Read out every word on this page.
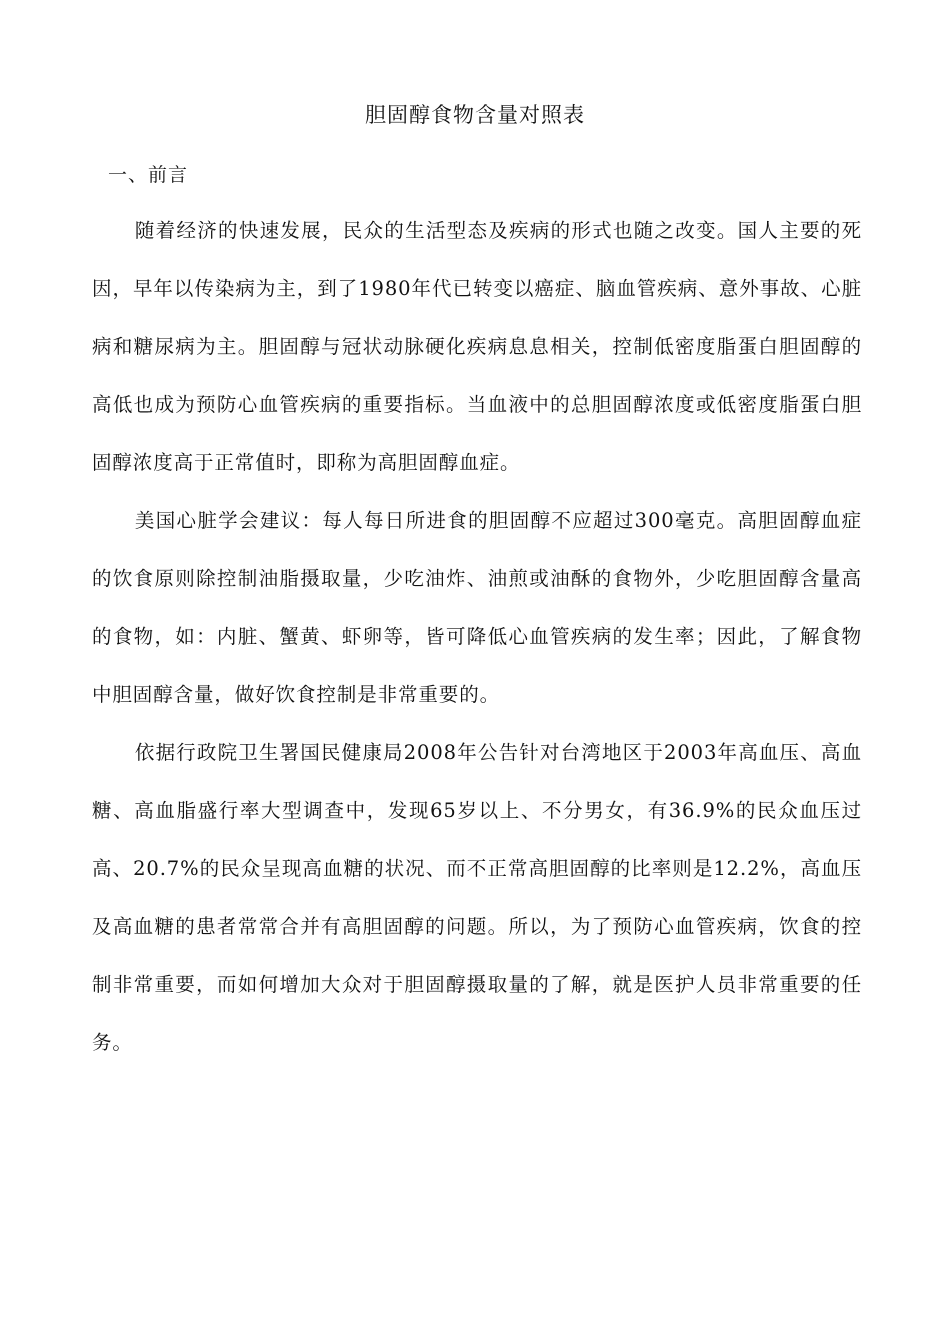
胆固醇食物含量对照表
一、前言

随着经济的快速发展，民众的生活型态及疾病的形式也随之改变。国人主要的死因，早年以传染病为主，到了1980年代已转变以癌症、脑血管疾病、意外事故、心脏病和糖尿病为主。胆固醇与冠状动脉硬化疾病息息相关，控制低密度脂蛋白胆固醇的高低也成为预防心血管疾病的重要指标。当血液中的总胆固醇浓度或低密度脂蛋白胆固醇浓度高于正常值时，即称为高胆固醇血症。

美国心脏学会建议：每人每日所进食的胆固醇不应超过300毫克。高胆固醇血症的饮食原则除控制油脂摄取量，少吃油炸、油煎或油酥的食物外，少吃胆固醇含量高的食物，如：内脏、蟹黄、虾卵等，皆可降低心血管疾病的发生率；因此，了解食物中胆固醇含量，做好饮食控制是非常重要的。

依据行政院卫生署国民健康局2008年公告针对台湾地区于2003年高血压、高血糖、高血脂盛行率大型调查中，发现65岁以上、不分男女，有36.9%的民众血压过高、20.7%的民众呈现高血糖的状况、而不正常高胆固醇的比率则是12.2%，高血压及高血糖的患者常常合并有高胆固醇的问题。所以，为了预防心血管疾病，饮食的控制非常重要，而如何增加大众对于胆固醇摄取量的了解，就是医护人员非常重要的任务。
